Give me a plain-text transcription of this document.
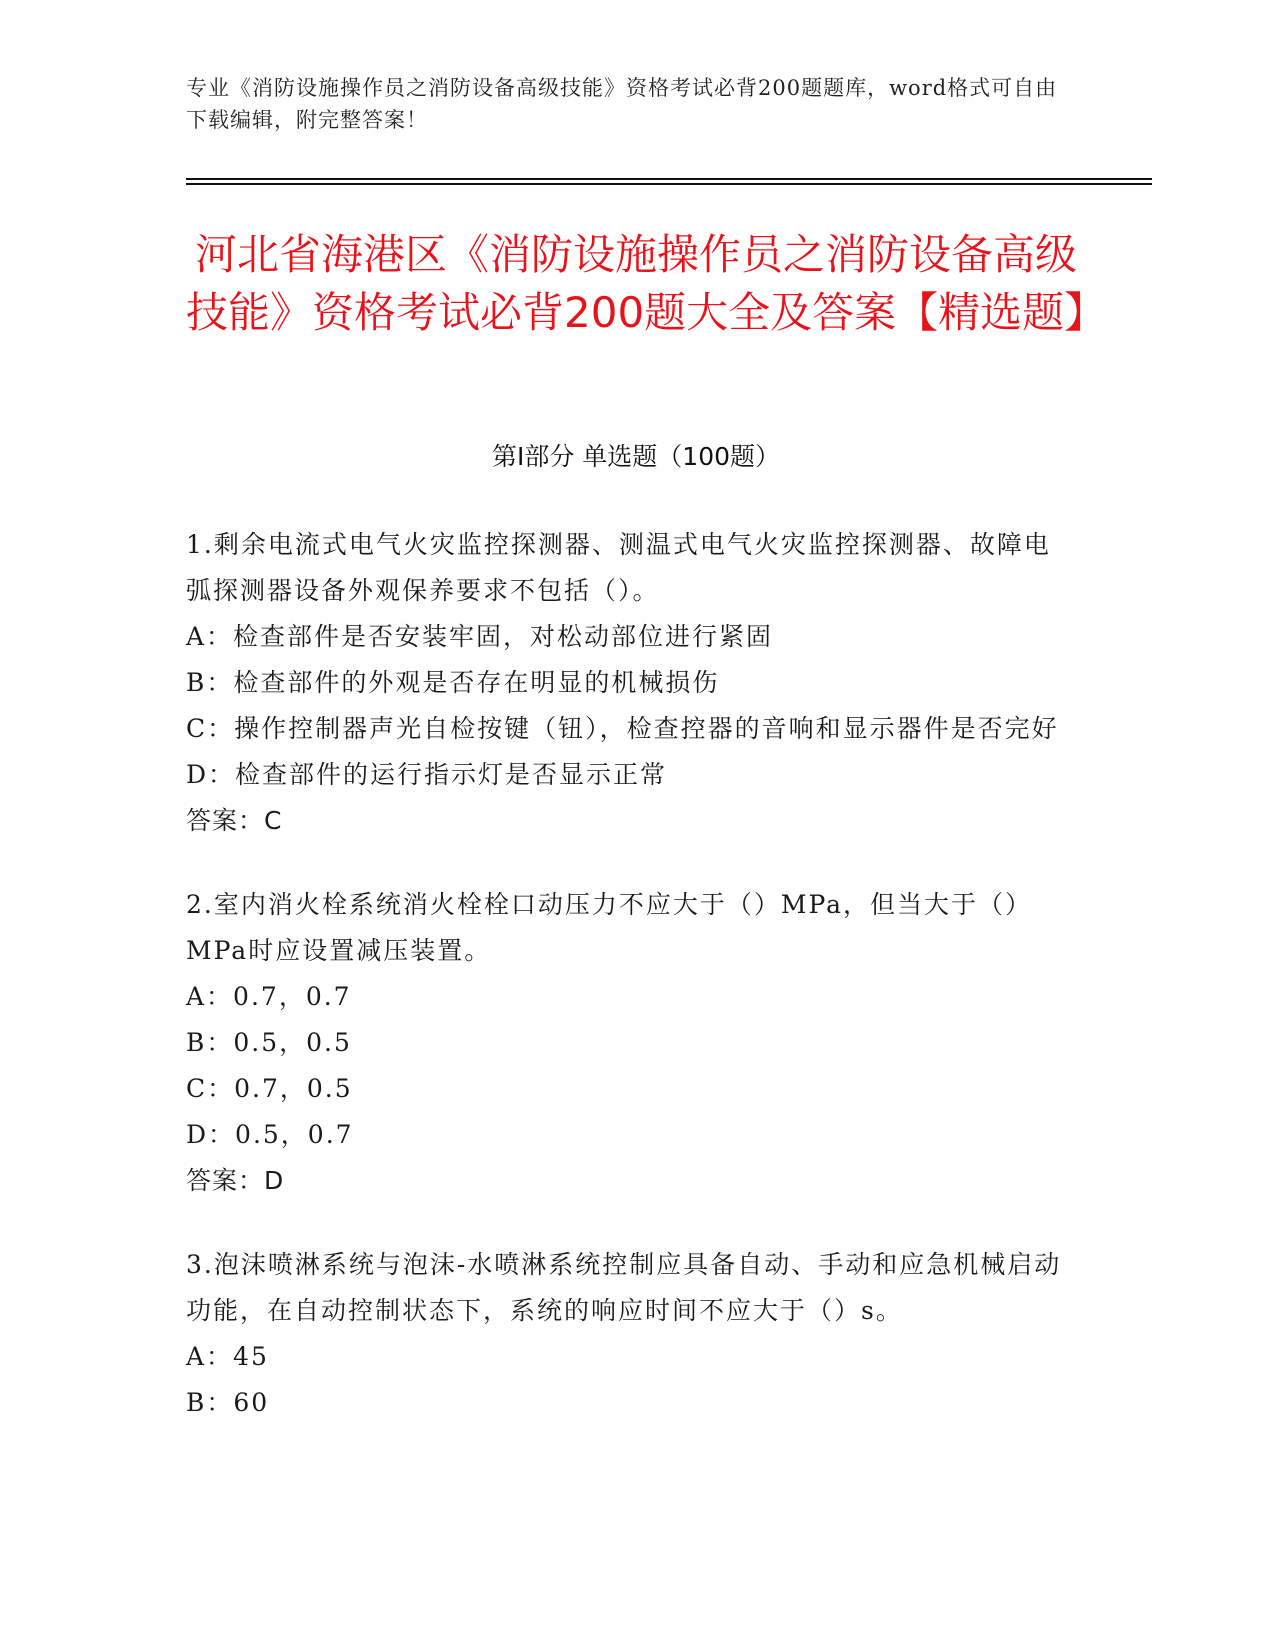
专业《消防设施操作员之消防设备高级技能》资格考试必背200题题库，word格式可自由下载编辑，附完整答案！
河北省海港区《消防设施操作员之消防设备高级技能》资格考试必背200题大全及答案【精选题】
第I部分 单选题（100题）

1.剩余电流式电气火灾监控探测器、测温式电气火灾监控探测器、故障电弧探测器设备外观保养要求不包括（）。

A：检查部件是否安装牢固，对松动部位进行紧固

B：检查部件的外观是否存在明显的机械损伤

C：操作控制器声光自检按键（钮），检查控器的音响和显示器件是否完好

D：检查部件的运行指示灯是否显示正常

答案：C

2.室内消火栓系统消火栓栓口动压力不应大于（）MPa，但当大于（）MPa时应设置减压装置。

A：0.7，0.7

B：0.5，0.5

C：0.7，0.5

D：0.5，0.7

答案：D

3.泡沫喷淋系统与泡沫-水喷淋系统控制应具备自动、手动和应急机械启动功能，在自动控制状态下，系统的响应时间不应大于（）s。

A：45

B：60
